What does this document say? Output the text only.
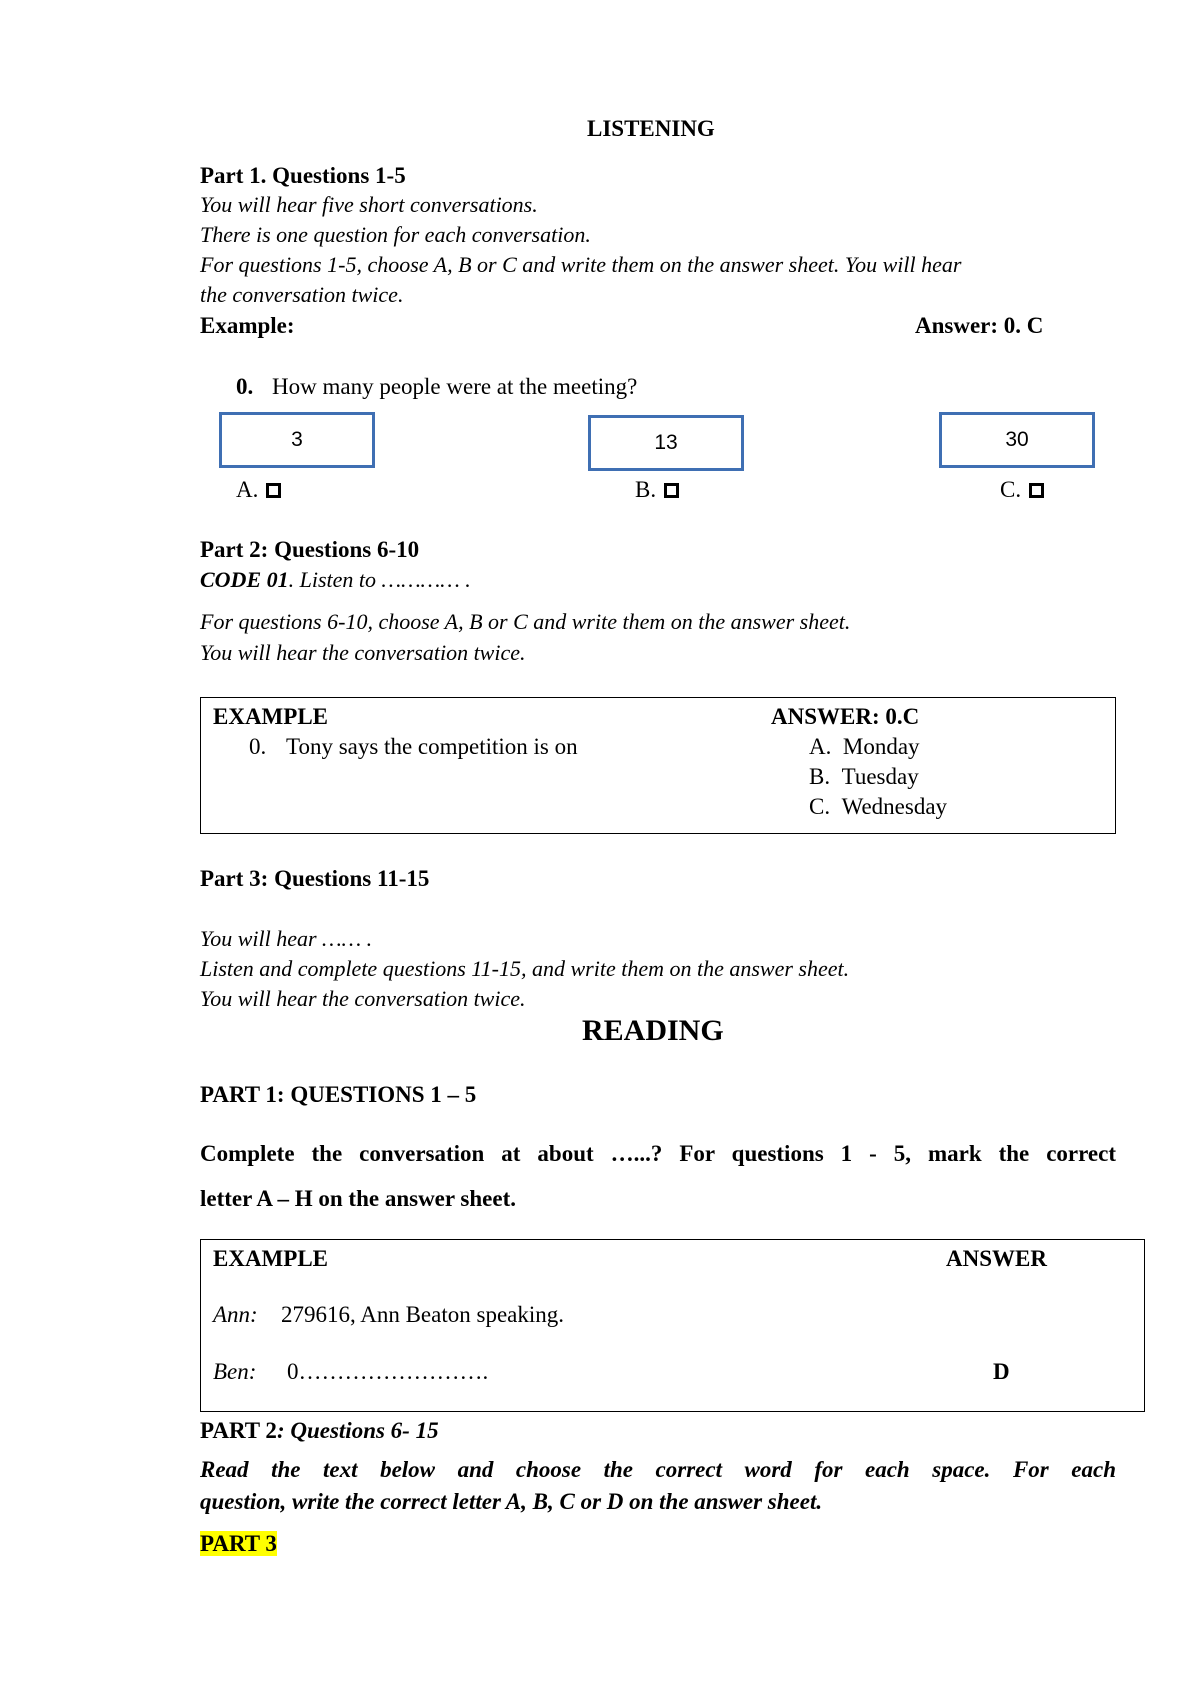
LISTENING
Part 1. Questions 1-5
You will hear five short conversations.
There is one question for each conversation.
For questions 1-5, choose A, B or C and write them on the answer sheet. You will hear
the conversation twice.
Example:	Answer: 0. C
0. How many people were at the meeting?
3	13	30
A.	B.	C.
Part 2: Questions 6-10
CODE 01. Listen to ………… .
For questions 6-10, choose A, B or C and write them on the answer sheet.
You will hear the conversation twice.
EXAMPLE	ANSWER: 0.C
0. Tony says the competition is on	A. Monday
B. Tuesday
C. Wednesday
Part 3: Questions 11-15
You will hear …… .
Listen and complete questions 11-15, and write them on the answer sheet.
You will hear the conversation twice.
READING
PART 1: QUESTIONS 1 – 5
Complete the conversation at about …...? For questions 1 - 5, mark the correct
letter A – H on the answer sheet.
EXAMPLE	ANSWER
Ann: 279616, Ann Beaton speaking.
Ben: 0…………………….	D
PART 2: Questions 6- 15
Read the text below and choose the correct word for each space. For each
question, write the correct letter A, B, C or D on the answer sheet.
PART 3
